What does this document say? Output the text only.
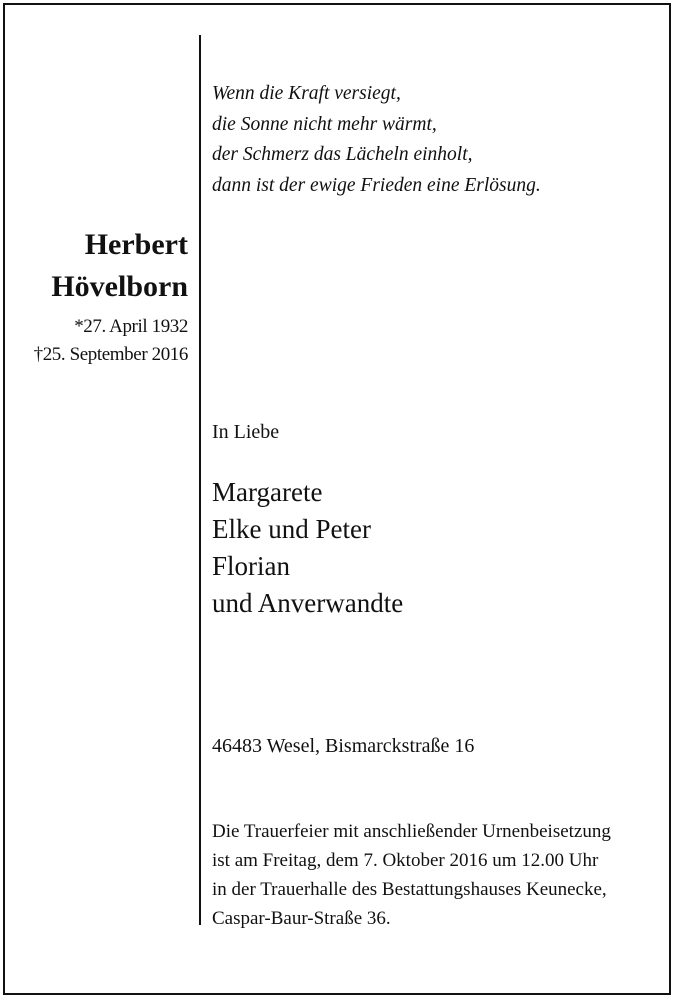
Herbert
Hövelborn
*27. April 1932
†25. September 2016
Wenn die Kraft versiegt,
die Sonne nicht mehr wärmt,
der Schmerz das Lächeln einholt,
dann ist der ewige Frieden eine Erlösung.
In Liebe
Margarete
Elke und Peter
Florian
und Anverwandte
46483 Wesel, Bismarckstraße 16
Die Trauerfeier mit anschließender Urnenbeisetzung
ist am Freitag, dem 7. Oktober 2016 um 12.00 Uhr
in der Trauerhalle des Bestattungshauses Keunecke,
Caspar-Baur-Straße 36.
